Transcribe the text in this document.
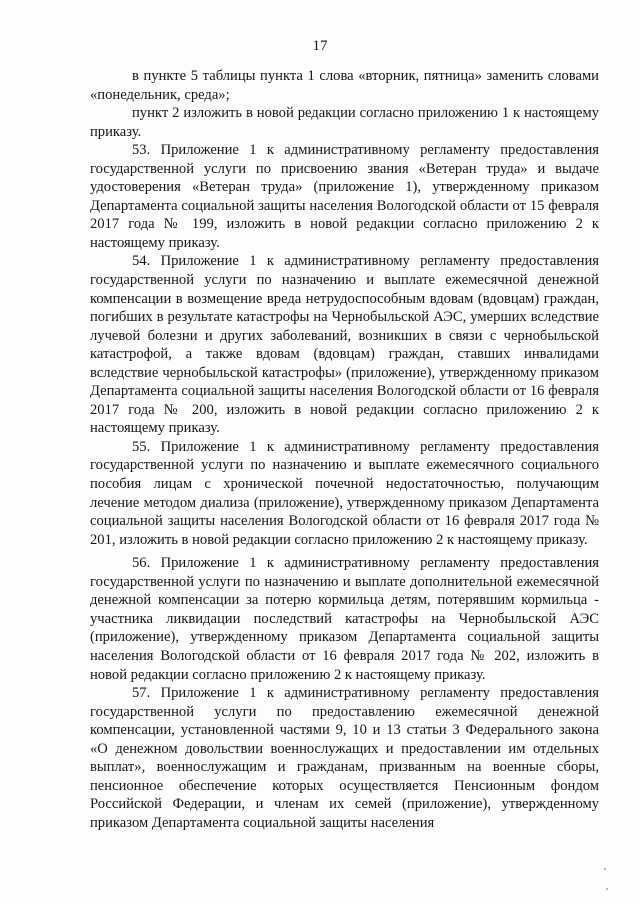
17

в пункте 5 таблицы пункта 1 слова «вторник, пятница» заменить словами «понедельник, среда»;

пункт 2 изложить в новой редакции согласно приложению 1 к настоящему приказу.

53. Приложение 1 к административному регламенту предоставления государственной услуги по присвоению звания «Ветеран труда» и выдаче удостоверения «Ветеран труда» (приложение 1), утвержденному приказом Департамента социальной защиты населения Вологодской области от 15 февраля 2017 года № 199, изложить в новой редакции согласно приложению 2 к настоящему приказу.

54. Приложение 1 к административному регламенту предоставления государственной услуги по назначению и выплате ежемесячной денежной компенсации в возмещение вреда нетрудоспособным вдовам (вдовцам) граждан, погибших в результате катастрофы на Чернобыльской АЭС, умерших вследствие лучевой болезни и других заболеваний, возникших в связи с чернобыльской катастрофой, а также вдовам (вдовцам) граждан, ставших инвалидами вследствие чернобыльской катастрофы» (приложение), утвержденному приказом Департамента социальной защиты населения Вологодской области от 16 февраля 2017 года № 200, изложить в новой редакции согласно приложению 2 к настоящему приказу.

55. Приложение 1 к административному регламенту предоставления государственной услуги по назначению и выплате ежемесячного социального пособия лицам с хронической почечной недостаточностью, получающим лечение методом диализа (приложение), утвержденному приказом Департамента социальной защиты населения Вологодской области от 16 февраля 2017 года № 201, изложить в новой редакции согласно приложению 2 к настоящему приказу.

56. Приложение 1 к административному регламенту предоставления государственной услуги по назначению и выплате дополнительной ежемесячной денежной компенсации за потерю кормильца детям, потерявшим кормильца - участника ликвидации последствий катастрофы на Чернобыльской АЭС (приложение), утвержденному приказом Департамента социальной защиты населения Вологодской области от 16 февраля 2017 года № 202, изложить в новой редакции согласно приложению 2 к настоящему приказу.

57. Приложение 1 к административному регламенту предоставления государственной услуги по предоставлению ежемесячной денежной компенсации, установленной частями 9, 10 и 13 статьи 3 Федерального закона «О денежном довольствии военнослужащих и предоставлении им отдельных выплат», военнослужащим и гражданам, призванным на военные сборы, пенсионное обеспечение которых осуществляется Пенсионным фондом Российской Федерации, и членам их семей (приложение), утвержденному приказом Департамента социальной защиты населения
